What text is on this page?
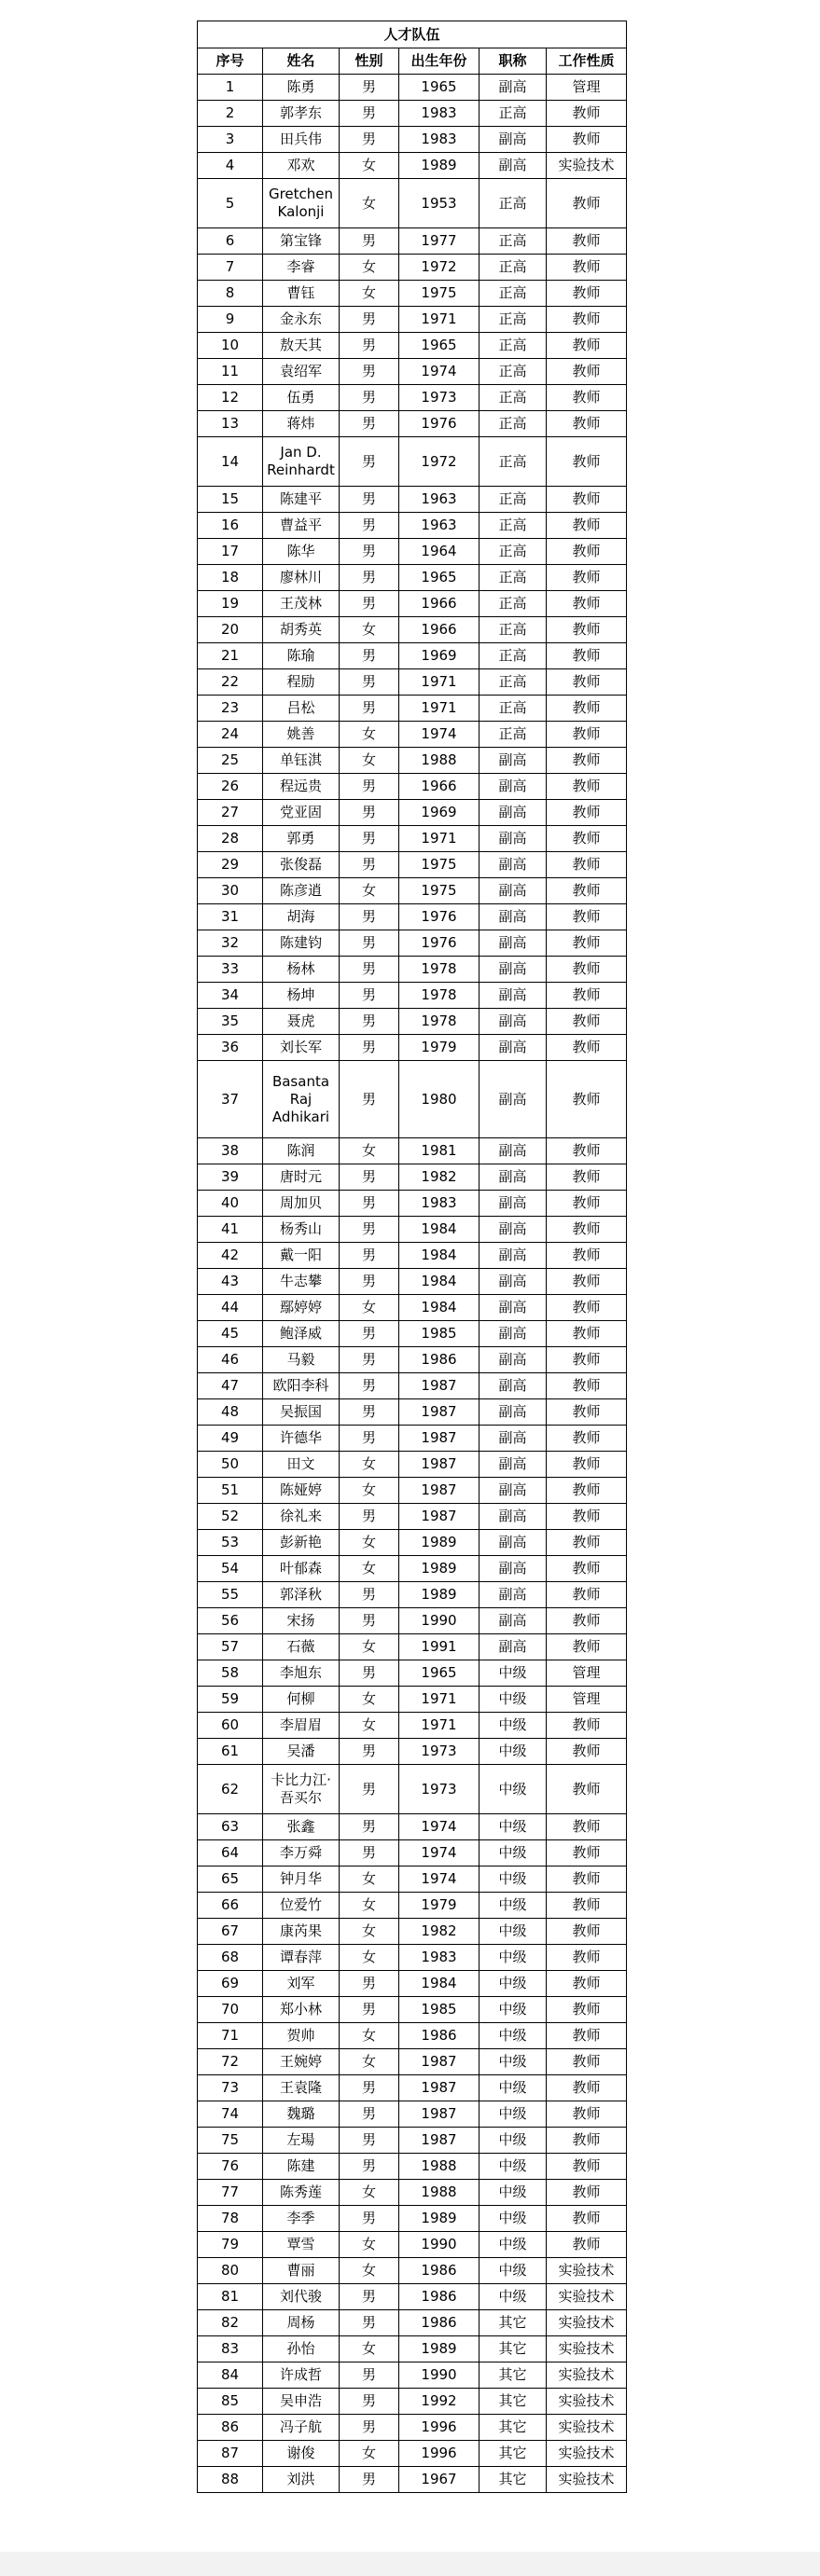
人才队伍					
序号	姓名	性别	出生年份	职称	工作性质
1	陈勇	男	1965	副高	管理
2	郭孝东	男	1983	正高	教师
3	田兵伟	男	1983	副高	教师
4	邓欢	女	1989	副高	实验技术
5	Gretchen Kalonji	女	1953	正高	教师
6	第宝锋	男	1977	正高	教师
7	李睿	女	1972	正高	教师
8	曹钰	女	1975	正高	教师
9	金永东	男	1971	正高	教师
10	敖天其	男	1965	正高	教师
11	袁绍军	男	1974	正高	教师
12	伍勇	男	1973	正高	教师
13	蒋炜	男	1976	正高	教师
14	Jan D. Reinhardt	男	1972	正高	教师
15	陈建平	男	1963	正高	教师
16	曹益平	男	1963	正高	教师
17	陈华	男	1964	正高	教师
18	廖林川	男	1965	正高	教师
19	王茂林	男	1966	正高	教师
20	胡秀英	女	1966	正高	教师
21	陈瑜	男	1969	正高	教师
22	程励	男	1971	正高	教师
23	吕松	男	1971	正高	教师
24	姚善	女	1974	正高	教师
25	单钰淇	女	1988	副高	教师
26	程远贵	男	1966	副高	教师
27	党亚固	男	1969	副高	教师
28	郭勇	男	1971	副高	教师
29	张俊磊	男	1975	副高	教师
30	陈彦逍	女	1975	副高	教师
31	胡海	男	1976	副高	教师
32	陈建钧	男	1976	副高	教师
33	杨林	男	1978	副高	教师
34	杨坤	男	1978	副高	教师
35	聂虎	男	1978	副高	教师
36	刘长军	男	1979	副高	教师
37	Basanta Raj Adhikari	男	1980	副高	教师
38	陈润	女	1981	副高	教师
39	唐时元	男	1982	副高	教师
40	周加贝	男	1983	副高	教师
41	杨秀山	男	1984	副高	教师
42	戴一阳	男	1984	副高	教师
43	牛志攀	男	1984	副高	教师
44	鄢婷婷	女	1984	副高	教师
45	鲍泽威	男	1985	副高	教师
46	马毅	男	1986	副高	教师
47	欧阳李科	男	1987	副高	教师
48	吴振国	男	1987	副高	教师
49	许德华	男	1987	副高	教师
50	田文	女	1987	副高	教师
51	陈娅婷	女	1987	副高	教师
52	徐礼来	男	1987	副高	教师
53	彭新艳	女	1989	副高	教师
54	叶郁森	女	1989	副高	教师
55	郭泽秋	男	1989	副高	教师
56	宋扬	男	1990	副高	教师
57	石薇	女	1991	副高	教师
58	李旭东	男	1965	中级	管理
59	何柳	女	1971	中级	管理
60	李眉眉	女	1971	中级	教师
61	吴潘	男	1973	中级	教师
62	卡比力江·吾买尔	男	1973	中级	教师
63	张鑫	男	1974	中级	教师
64	李万舜	男	1974	中级	教师
65	钟月华	女	1974	中级	教师
66	位爱竹	女	1979	中级	教师
67	康芮果	女	1982	中级	教师
68	谭春萍	女	1983	中级	教师
69	刘军	男	1984	中级	教师
70	郑小林	男	1985	中级	教师
71	贺帅	女	1986	中级	教师
72	王婉婷	女	1987	中级	教师
73	王袁隆	男	1987	中级	教师
74	魏璐	男	1987	中级	教师
75	左瑒	男	1987	中级	教师
76	陈建	男	1988	中级	教师
77	陈秀莲	女	1988	中级	教师
78	李季	男	1989	中级	教师
79	覃雪	女	1990	中级	教师
80	曹丽	女	1986	中级	实验技术
81	刘代骏	男	1986	中级	实验技术
82	周杨	男	1986	其它	实验技术
83	孙怡	女	1989	其它	实验技术
84	许成哲	男	1990	其它	实验技术
85	吴申浩	男	1992	其它	实验技术
86	冯子航	男	1996	其它	实验技术
87	谢俊	女	1996	其它	实验技术
88	刘洪	男	1967	其它	实验技术
